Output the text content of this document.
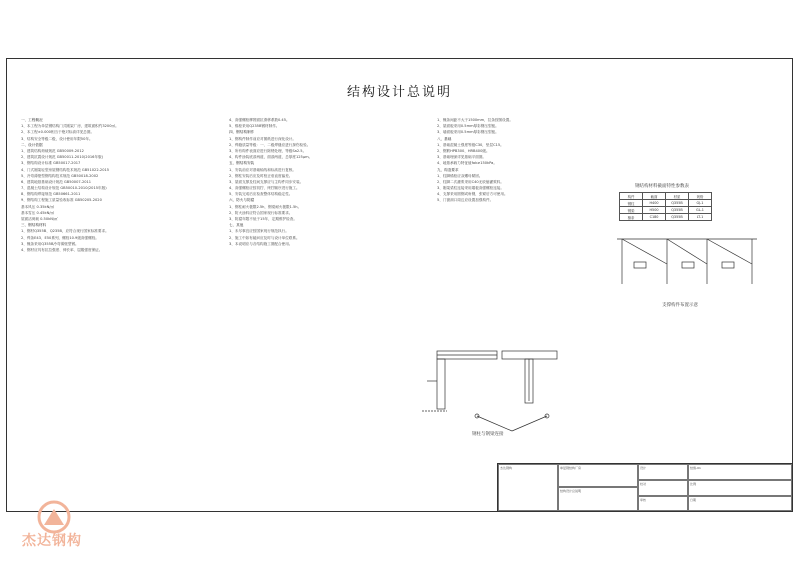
结构设计总说明
一、工程概况
1、本工程为单层钢结构门式刚架厂房，建筑面积约3200㎡。
2、本工程±0.000相当于绝对标高详见总图。
3、结构安全等级二级，设计使用年限50年。
二、设计依据
1、建筑结构荷载规范 GB50009-2012
2、建筑抗震设计规范 GB50011-2010(2016年版)
3、钢结构设计标准 GB50017-2017
4、门式刚架轻型房屋钢结构技术规范 GB51022-2015
5、冷弯薄壁型钢结构技术规范 GB50018-2002
6、建筑地基基础设计规范 GB50007-2011
7、混凝土结构设计规范 GB50010-2010(2015年版)
8、钢结构焊接规范 GB50661-2011
9、钢结构工程施工质量验收标准 GB50205-2020
基本风压 0.35kN/㎡
基本雪压 0.45kN/㎡
屋面活荷载 0.50kN/㎡
三、钢结构材料
1、钢材Q355B、Q235B，应符合现行国家标准要求。
2、焊条E43、E50系列，螺栓10.9级高强螺栓。
3、檩条采用Q355B冷弯薄壁型钢。
4、钢材应具有抗拉强度、伸长率、屈服强度保证。
4、高强螺栓摩擦面抗滑移系数0.45。
5、锚栓采用Q235B钢材制作。
四、钢结构制作
1、钢构件制作前应对图纸进行深化设计。
2、焊缝质量等级：一、二级焊缝应进行探伤检验。
3、所有构件表面应进行除锈处理，等级Sa2.5。
4、构件涂装底漆两道，面漆两道，总厚度125μm。
五、钢结构安装
1、安装前应对基础轴线和标高进行复核。
2、钢柱安装后应及时校正垂直度偏差。
3、屋面支撑及柱间支撑应与主构件同步安装。
4、高强螺栓应按初拧、终拧顺序进行施工。
5、安装完成后应检查整体结构稳定性。
六、防火与防腐
1、钢柱耐火极限2.5h，钢梁耐火极限1.5h。
2、防火涂料应符合国家现行标准要求。
3、防腐年限不低于15年，定期维护检查。
七、其他
1、未尽事宜应按国家现行规范执行。
2、施工中如有疑问应及时与设计单位联系。
3、本说明应与各结构施工图配合使用。
1、檩条间距不大于1500mm，拉条按图设置。
2、屋面板采用0.5mm厚彩钢压型板。
3、墙面板采用0.5mm厚彩钢压型板。
八、基础
1、基础混凝土强度等级C30，垫层C15。
2、钢筋HPB300、HRB400级。
3、基础埋深详见基础平面图。
4、地基承载力特征值fak≥150kPa。
九、构造要求
1、柱脚锚栓应双螺母紧固。
2、柱脚二次灌浆采用C40无收缩灌浆料。
3、刚架梁柱连接采用端板高强螺栓连接。
4、支撑采用圆钢或角钢，张紧后方可使用。
5、门窗洞口周边应设置加强构件。
钢柱与钢梁连接
钢结构材料截面特性参数表
构件	截面	材质	规格
钢柱	H400	Q355B	GJ-1
钢梁	H500	Q355B	GL-1
檩条	C180	Q355B	LT-1
支撑构件布置示意
杰达钢构	单层钢结构厂房
结构设计总说明
设计
校对
审核
结施-01
比例
日期
杰达钢构
